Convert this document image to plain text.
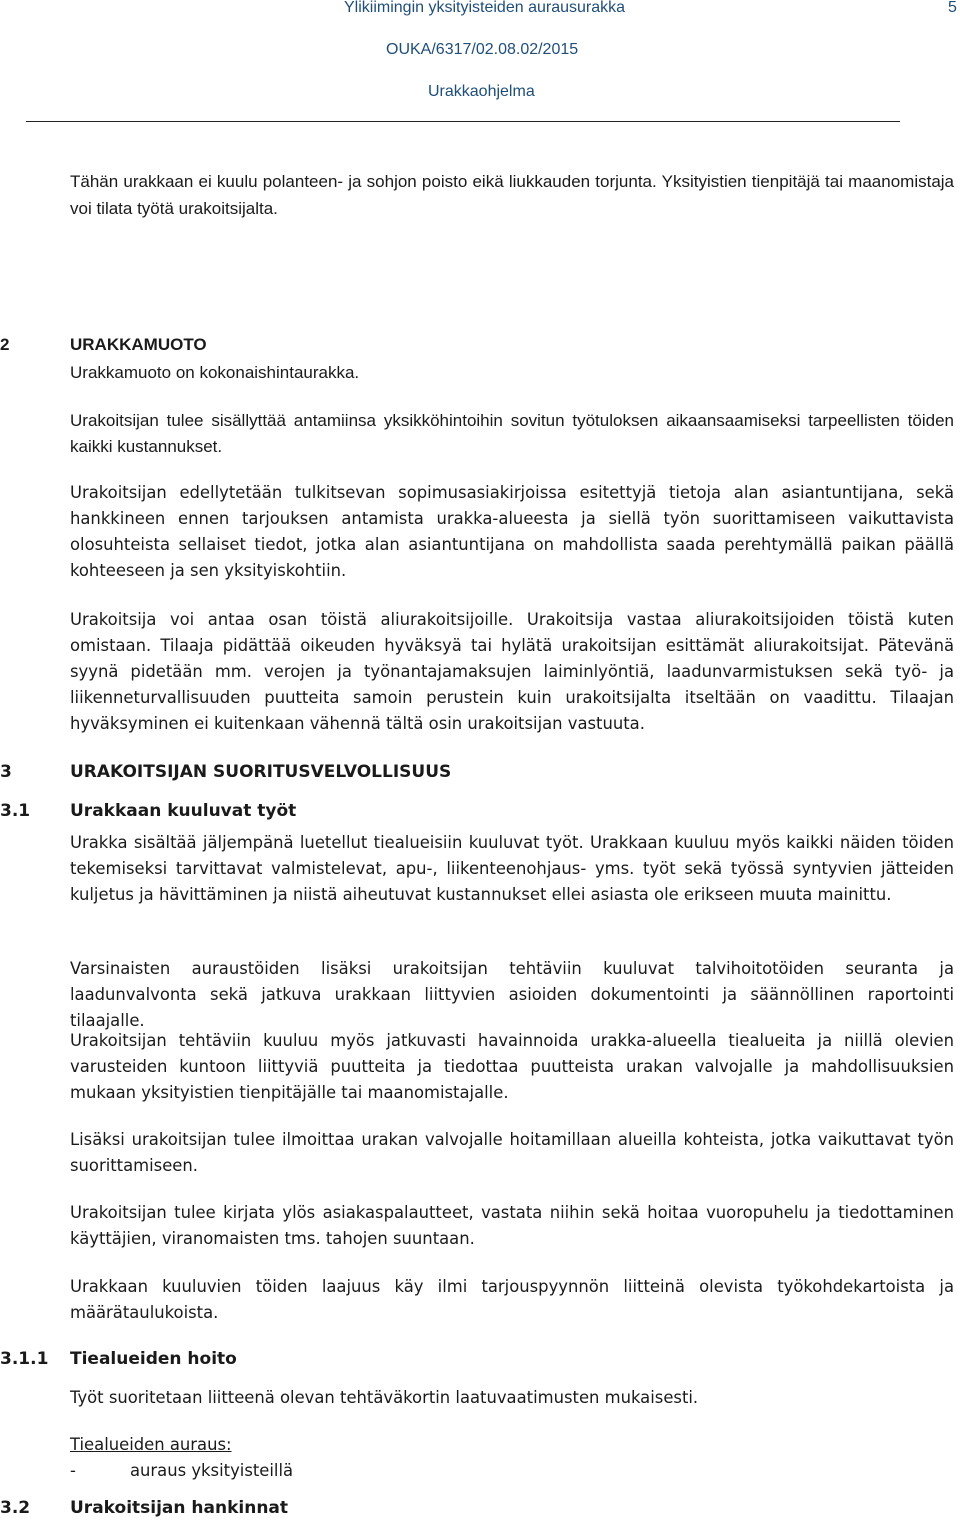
Ylikiimingin yksityisteiden aurausurakka	5
OUKA/6317/02.08.02/2015
Urakkaohjelma
Tähän urakkaan ei kuulu polanteen- ja sohjon poisto eikä liukkauden torjunta. Yksityistien tienpitäjä tai maanomistaja voi tilata työtä urakoitsijalta.
2	URAKKAMUOTO
Urakkamuoto on kokonaishintaurakka.
Urakoitsijan tulee sisällyttää antamiinsa yksikköhintoihin sovitun työtuloksen aikaansaamiseksi tarpeellisten töiden kaikki kustannukset.
Urakoitsijan edellytetään tulkitsevan sopimusasiakirjoissa esitettyjä tietoja alan asiantuntijana, sekä hankkineen ennen tarjouksen antamista urakka-alueesta ja siellä työn suorittamiseen vaikuttavista olosuhteista sellaiset tiedot, jotka alan asiantuntijana on mahdollista saada perehtymällä paikan päällä kohteeseen ja sen yksityiskohtiin.
Urakoitsija voi antaa osan töistä aliurakoitsijoille. Urakoitsija vastaa aliurakoitsijoiden töistä kuten omistaan. Tilaaja pidättää oikeuden hyväksyä tai hylätä urakoitsijan esittämät aliurakoitsijat. Pätevänä syynä pidetään mm. verojen ja työnantajamaksujen laiminlyöntiä, laadunvarmistuksen sekä työ- ja liikenneturvallisuuden puutteita samoin perustein kuin urakoitsijalta itseltään on vaadittu. Tilaajan hyväksyminen ei kuitenkaan vähennä tältä osin urakoitsijan vastuuta.
3	URAKOITSIJAN SUORITUSVELVOLLISUUS
3.1 Urakkaan kuuluvat työt
Urakka sisältää jäljempänä luetellut tiealueisiin kuuluvat työt. Urakkaan kuuluu myös kaikki näiden töiden tekemiseksi tarvittavat valmistelevat, apu-, liikenteenohjaus- yms. työt sekä työssä syntyvien jätteiden kuljetus ja hävittäminen ja niistä aiheutuvat kustannukset ellei asiasta ole erikseen muuta mainittu.
Varsinaisten auraustöiden lisäksi urakoitsijan tehtäviin kuuluvat talvihoitotöiden seuranta ja laadunvalvonta sekä jatkuva urakkaan liittyvien asioiden dokumentointi ja säännöllinen raportointi tilaajalle.
Urakoitsijan tehtäviin kuuluu myös jatkuvasti havainnoida urakka-alueella tiealueita ja niillä olevien varusteiden kuntoon liittyviä puutteita ja tiedottaa puutteista urakan valvojalle ja mahdollisuuksien mukaan yksityistien tienpitäjälle tai maanomistajalle.
Lisäksi urakoitsijan tulee ilmoittaa urakan valvojalle hoitamillaan alueilla kohteista, jotka vaikuttavat työn suorittamiseen.
Urakoitsijan tulee kirjata ylös asiakaspalautteet, vastata niihin sekä hoitaa vuoropuhelu ja tiedottaminen käyttäjien, viranomaisten tms. tahojen suuntaan.
Urakkaan kuuluvien töiden laajuus käy ilmi tarjouspyynnön liitteinä olevista työkohdekartoista ja määrätaulukoista.
3.1.1 Tiealueiden hoito
Työt suoritetaan liitteenä olevan tehtäväkortin laatuvaatimusten mukaisesti.
Tiealueiden auraus:
-	auraus yksityisteillä
3.2 Urakoitsijan hankinnat
